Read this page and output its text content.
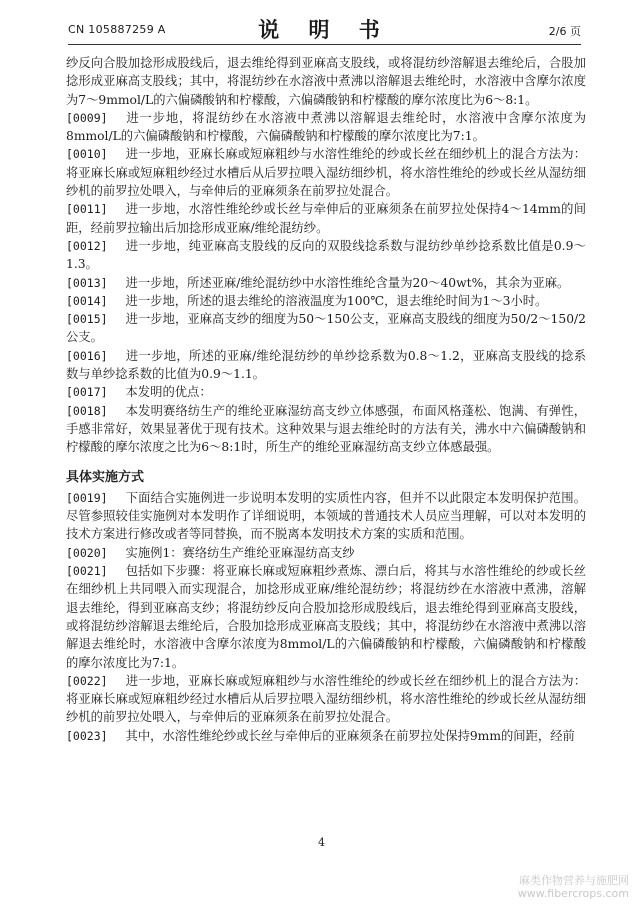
CN 105887259 A	说 明 书	2/6 页

纱反向合股加捻形成股线后，退去维纶得到亚麻高支股线，或将混纺纱溶解退去维纶后，合股加捻形成亚麻高支股线；其中，将混纺纱在水溶液中煮沸以溶解退去维纶时，水溶液中含摩尔浓度为7～9mmol/L的六偏磷酸钠和柠檬酸，六偏磷酸钠和柠檬酸的摩尔浓度比为6～8:1。

[0009] 进一步地，将混纺纱在水溶液中煮沸以溶解退去维纶时，水溶液中含摩尔浓度为8mmol/L的六偏磷酸钠和柠檬酸，六偏磷酸钠和柠檬酸的摩尔浓度比为7:1。

[0010] 进一步地，亚麻长麻或短麻粗纱与水溶性维纶的纱或长丝在细纱机上的混合方法为：将亚麻长麻或短麻粗纱经过水槽后从后罗拉喂入湿纺细纱机，将水溶性维纶的纱或长丝从湿纺细纱机的前罗拉处喂入，与牵伸后的亚麻须条在前罗拉处混合。

[0011] 进一步地，水溶性维纶纱或长丝与牵伸后的亚麻须条在前罗拉处保持4～14mm的间距，经前罗拉输出后加捻形成亚麻/维纶混纺纱。

[0012] 进一步地，纯亚麻高支股线的反向的双股线捻系数与混纺纱单纱捻系数比值是0.9～1.3。

[0013] 进一步地，所述亚麻/维纶混纺纱中水溶性维纶含量为20～40wt%，其余为亚麻。

[0014] 进一步地，所述的退去维纶的溶液温度为100℃，退去维纶时间为1～3小时。

[0015] 进一步地，亚麻高支纱的细度为50～150公支，亚麻高支股线的细度为50/2～150/2公支。

[0016] 进一步地，所述的亚麻/维纶混纺纱的单纱捻系数为0.8～1.2，亚麻高支股线的捻系数与单纱捻系数的比值为0.9～1.1。

[0017] 本发明的优点：

[0018] 本发明赛络纺生产的维纶亚麻湿纺高支纱立体感强，布面风格蓬松、饱满、有弹性，手感非常好，效果显著优于现有技术。这种效果与退去维纶时的方法有关，沸水中六偏磷酸钠和柠檬酸的摩尔浓度之比为6～8:1时，所生产的维纶亚麻湿纺高支纱立体感最强。

具体实施方式

[0019] 下面结合实施例进一步说明本发明的实质性内容，但并不以此限定本发明保护范围。尽管参照较佳实施例对本发明作了详细说明，本领域的普通技术人员应当理解，可以对本发明的技术方案进行修改或者等同替换，而不脱离本发明技术方案的实质和范围。

[0020] 实施例1：赛络纺生产维纶亚麻湿纺高支纱

[0021] 包括如下步骤：将亚麻长麻或短麻粗纱煮炼、漂白后，将其与水溶性维纶的纱或长丝在细纱机上共同喂入而实现混合，加捻形成亚麻/维纶混纺纱；将混纺纱在水溶液中煮沸，溶解退去维纶，得到亚麻高支纱；将混纺纱反向合股加捻形成股线后，退去维纶得到亚麻高支股线，或将混纺纱溶解退去维纶后，合股加捻形成亚麻高支股线；其中，将混纺纱在水溶液中煮沸以溶解退去维纶时，水溶液中含摩尔浓度为8mmol/L的六偏磷酸钠和柠檬酸，六偏磷酸钠和柠檬酸的摩尔浓度比为7:1。

[0022] 进一步地，亚麻长麻或短麻粗纱与水溶性维纶的纱或长丝在细纱机上的混合方法为：将亚麻长麻或短麻粗纱经过水槽后从后罗拉喂入湿纺细纱机，将水溶性维纶的纱或长丝从湿纺细纱机的前罗拉处喂入，与牵伸后的亚麻须条在前罗拉处混合。

[0023] 其中，水溶性维纶纱或长丝与牵伸后的亚麻须条在前罗拉处保持9mm的间距，经前

4
麻类作物营养与施肥网
www.fibercrops.com
